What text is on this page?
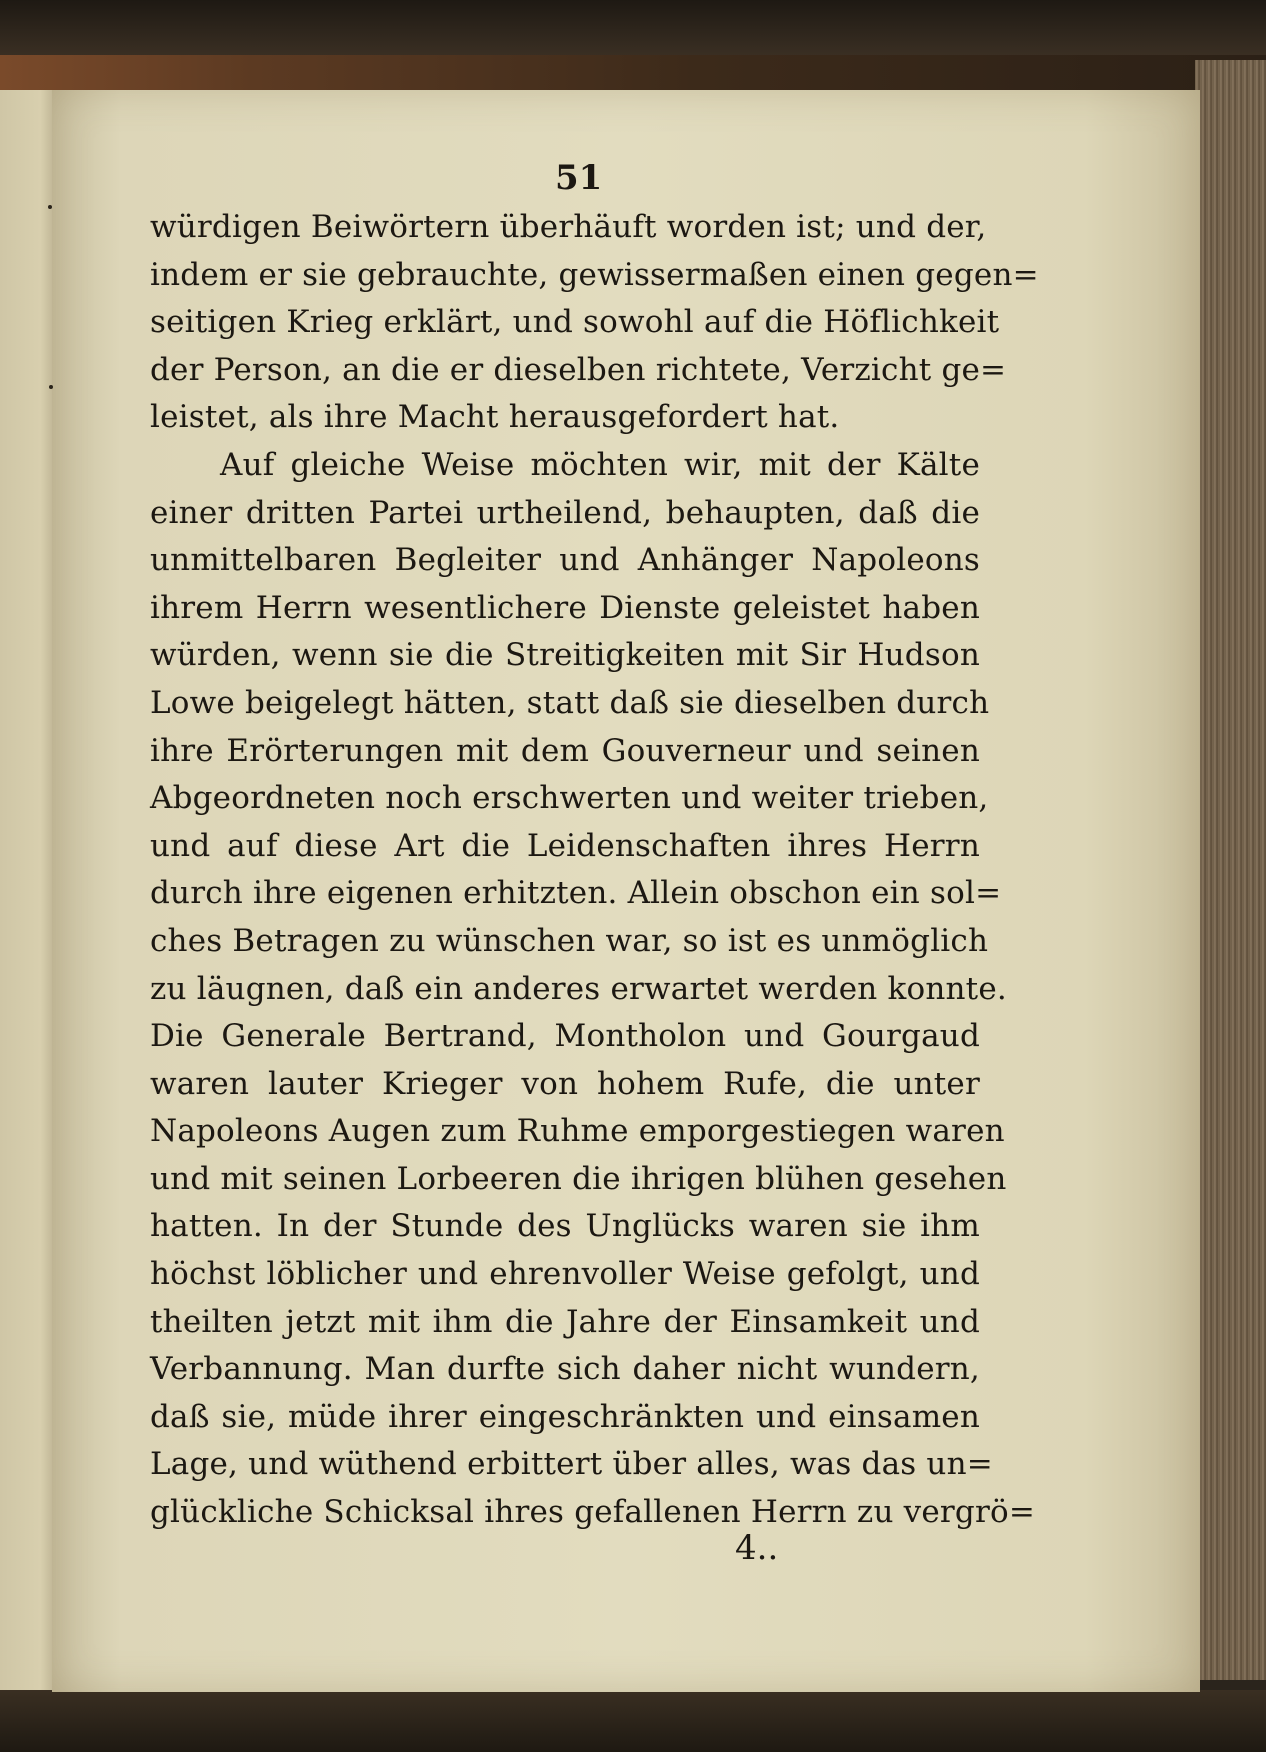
51
würdigen Beiwörtern überhäuft worden ist; und der,
indem er sie gebrauchte, gewissermaßen einen gegen=
seitigen Krieg erklärt, und sowohl auf die Höflichkeit
der Person, an die er dieselben richtete, Verzicht ge=
leistet, als ihre Macht herausgefordert hat.
Auf gleiche Weise möchten wir, mit der Kälte
einer dritten Partei urtheilend, behaupten, daß die
unmittelbaren Begleiter und Anhänger Napoleons
ihrem Herrn wesentlichere Dienste geleistet haben
würden, wenn sie die Streitigkeiten mit Sir Hudson
Lowe beigelegt hätten, statt daß sie dieselben durch
ihre Erörterungen mit dem Gouverneur und seinen
Abgeordneten noch erschwerten und weiter trieben,
und auf diese Art die Leidenschaften ihres Herrn
durch ihre eigenen erhitzten. Allein obschon ein sol=
ches Betragen zu wünschen war, so ist es unmöglich
zu läugnen, daß ein anderes erwartet werden konnte.
Die Generale Bertrand, Montholon und Gourgaud
waren lauter Krieger von hohem Rufe, die unter
Napoleons Augen zum Ruhme emporgestiegen waren
und mit seinen Lorbeeren die ihrigen blühen gesehen
hatten. In der Stunde des Unglücks waren sie ihm
höchst löblicher und ehrenvoller Weise gefolgt, und
theilten jetzt mit ihm die Jahre der Einsamkeit und
Verbannung. Man durfte sich daher nicht wundern,
daß sie, müde ihrer eingeschränkten und einsamen
Lage, und wüthend erbittert über alles, was das un=
glückliche Schicksal ihres gefallenen Herrn zu vergrö=
4..
